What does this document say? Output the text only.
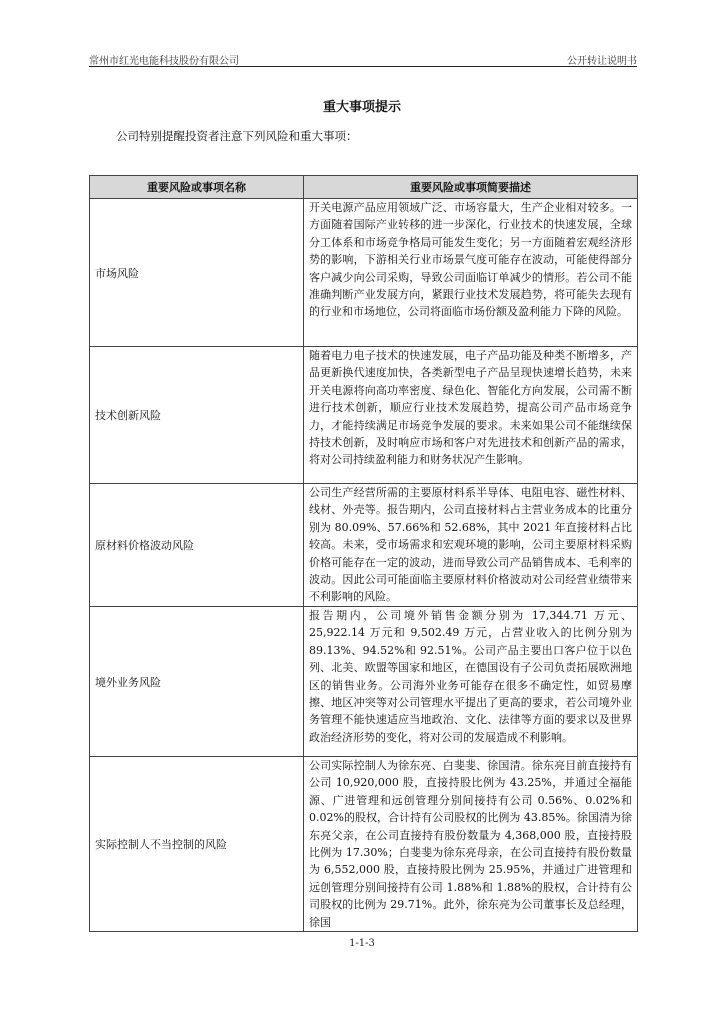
常州市红光电能科技股份有限公司	公开转让说明书
重大事项提示
公司特别提醒投资者注意下列风险和重大事项：
重要风险或事项名称	重要风险或事项简要描述
市场风险	开关电源产品应用领域广泛、市场容量大，生产企业相对较多。一方面随着国际产业转移的进一步深化，行业技术的快速发展，全球分工体系和市场竞争格局可能发生变化；另一方面随着宏观经济形势的影响，下游相关行业市场景气度可能存在波动，可能使得部分客户减少向公司采购，导致公司面临订单减少的情形。若公司不能准确判断产业发展方向，紧跟行业技术发展趋势，将可能失去现有的行业和市场地位，公司将面临市场份额及盈利能力下降的风险。
技术创新风险	随着电力电子技术的快速发展，电子产品功能及种类不断增多，产品更新换代速度加快，各类新型电子产品呈现快速增长趋势，未来开关电源将向高功率密度、绿色化、智能化方向发展，公司需不断进行技术创新，顺应行业技术发展趋势，提高公司产品市场竞争力，才能持续满足市场竞争发展的要求。未来如果公司不能继续保持技术创新，及时响应市场和客户对先进技术和创新产品的需求，将对公司持续盈利能力和财务状况产生影响。
原材料价格波动风险	公司生产经营所需的主要原材料系半导体、电阻电容、磁性材料、线材、外壳等。报告期内，公司直接材料占主营业务成本的比重分别为 80.09%、57.66%和 52.68%，其中 2021 年直接材料占比较高。未来，受市场需求和宏观环境的影响，公司主要原材料采购价格可能存在一定的波动，进而导致公司产品销售成本、毛利率的波动。因此公司可能面临主要原材料价格波动对公司经营业绩带来不利影响的风险。
境外业务风险	报告期内，公司境外销售金额分别为 17,344.71 万元、25,922.14 万元和 9,502.49 万元，占营业收入的比例分别为 89.13%、94.52%和 92.51%。公司产品主要出口客户位于以色列、北美、欧盟等国家和地区，在德国设有子公司负责拓展欧洲地区的销售业务。公司海外业务可能存在很多不确定性，如贸易摩擦、地区冲突等对公司管理水平提出了更高的要求，若公司境外业务管理不能快速适应当地政治、文化、法律等方面的要求以及世界政治经济形势的变化，将对公司的发展造成不利影响。
实际控制人不当控制的风险	公司实际控制人为徐东亮、白斐斐、徐国清。徐东亮目前直接持有公司 10,920,000 股，直接持股比例为 43.25%，并通过全福能源、广进管理和远创管理分别间接持有公司 0.56%、0.02%和 0.02%的股权，合计持有公司股权的比例为 43.85%。徐国清为徐东亮父亲，在公司直接持有股份数量为 4,368,000 股，直接持股比例为 17.30%；白斐斐为徐东亮母亲，在公司直接持有股份数量为 6,552,000 股，直接持股比例为 25.95%，并通过广进管理和远创管理分别间接持有公司 1.88%和 1.88%的股权，合计持有公司股权的比例为 29.71%。此外，徐东亮为公司董事长及总经理，徐国
1-1-3
